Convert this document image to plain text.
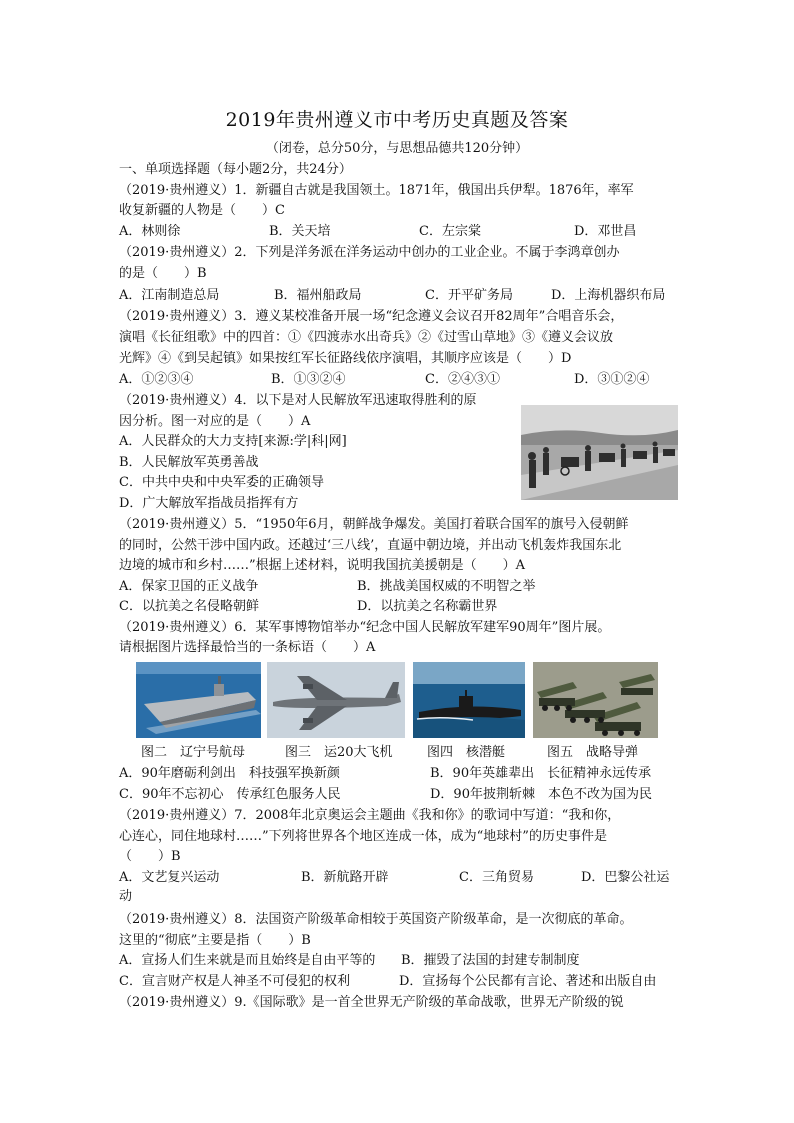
2019年贵州遵义市中考历史真题及答案
（闭卷，总分50分，与思想品德共120分钟）
一、单项选择题（每小题2分，共24分）
（2019·贵州遵义）1．新疆自古就是我国领土。1871年，俄国出兵伊犁。1876年，率军
收复新疆的人物是（　　）C
A．林则徐	B．关天培	C．左宗棠	D．邓世昌
（2019·贵州遵义）2．下列是洋务派在洋务运动中创办的工业企业。不属于李鸿章创办
的是（　　）B
A．江南制造总局	B．福州船政局	C．开平矿务局	D．上海机器织布局
（2019·贵州遵义）3．遵义某校准备开展一场“纪念遵义会议召开82周年”合唱音乐会，
演唱《长征组歌》中的四首：①《四渡赤水出奇兵》②《过雪山草地》③《遵义会议放
光辉》④《到吴起镇》如果按红军长征路线依序演唱，其顺序应该是（　　）D
A．①②③④	B．①③②④	C．②④③①	D．③①②④
（2019·贵州遵义）4．以下是对人民解放军迅速取得胜利的原
因分析。图一对应的是（　　）A
A．人民群众的大力支持[来源:学|科|网]
B．人民解放军英勇善战
C．中共中央和中央军委的正确领导
D．广大解放军指战员指挥有方
（2019·贵州遵义）5．“1950年6月，朝鲜战争爆发。美国打着联合国军的旗号入侵朝鲜
的同时，公然干涉中国内政。还越过‘三八线’，直逼中朝边境，并出动飞机轰炸我国东北
边境的城市和乡村……”根据上述材料，说明我国抗美援朝是（　　）A
A．保家卫国的正义战争	B．挑战美国权威的不明智之举
C．以抗美之名侵略朝鲜	D．以抗美之名称霸世界
（2019·贵州遵义）6．某军事博物馆举办“纪念中国人民解放军建军90周年”图片展。
请根据图片选择最恰当的一条标语（　　）A
图二　辽宁号航母	图三　运20大飞机	图四　核潜艇	图五　战略导弹
A．90年磨砺利剑出　科技强军换新颜	B．90年英雄辈出　长征精神永远传承
C．90年不忘初心　传承红色服务人民	D．90年披荆斩棘　本色不改为国为民
（2019·贵州遵义）7．2008年北京奥运会主题曲《我和你》的歌词中写道：“我和你，
心连心，同住地球村……”下列将世界各个地区连成一体，成为“地球村”的历史事件是
（　　）B
A．文艺复兴运动	B．新航路开辟	C．三角贸易	D．巴黎公社运
动
（2019·贵州遵义）8．法国资产阶级革命相较于英国资产阶级革命，是一次彻底的革命。
这里的“彻底”主要是指（　　）B
A．宣扬人们生来就是而且始终是自由平等的 B．摧毁了法国的封建专制制度
C．宣言财产权是人神圣不可侵犯的权利	D．宣扬每个公民都有言论、著述和出版自由
（2019·贵州遵义）9.《国际歌》是一首全世界无产阶级的革命战歌，世界无产阶级的锐
